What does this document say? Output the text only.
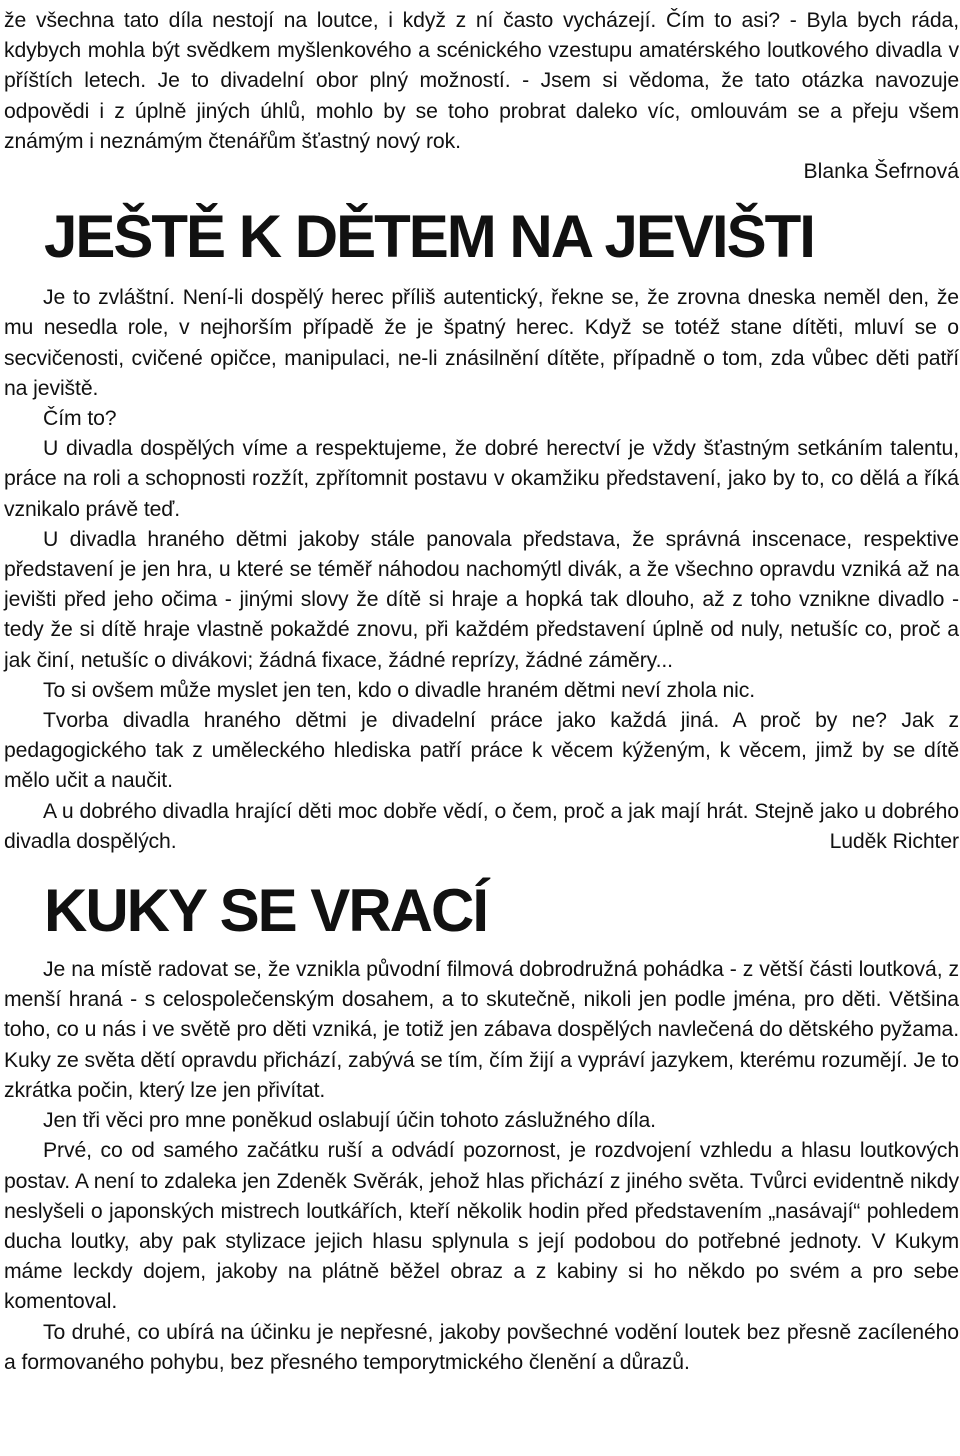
že všechna tato díla nestojí na loutce, i když z ní často vycházejí. Čím to asi? - Byla bych ráda, kdybych mohla být svědkem myšlenkového a scénického vzestupu amatérského loutkového divadla v příštích letech. Je to divadelní obor plný možností. - Jsem si vědoma, že tato otázka navozuje odpovědi i z úplně jiných úhlů, mohlo by se toho probrat daleko víc, omlouvám se a přeju všem známým i neznámým čtenářům šťastný nový rok.

Blanka Šefrnová

JEŠTĚ K DĚTEM NA JEVIŠTI

Je to zvláštní. Není-li dospělý herec příliš autentický, řekne se, že zrovna dneska neměl den, že mu nesedla role, v nejhorším případě že je špatný herec. Když se totéž stane dítěti, mluví se o secvičenosti, cvičené opičce, manipulaci, ne-li znásilnění dítěte, případně o tom, zda vůbec děti patří na jeviště.

Čím to?

U divadla dospělých víme a respektujeme, že dobré herectví je vždy šťastným setkáním talentu, práce na roli a schopnosti rozžít, zpřítomnit postavu v okamžiku představení, jako by to, co dělá a říká vznikalo právě teď.

U divadla hraného dětmi jakoby stále panovala představa, že správná inscenace, respektive představení je jen hra, u které se téměř náhodou nachomýtl divák, a že všechno opravdu vzniká až na jevišti před jeho očima - jinými slovy že dítě si hraje a hopká tak dlouho, až z toho vznikne divadlo - tedy že si dítě hraje vlastně pokaždé znovu, při každém představení úplně od nuly, netušíc co, proč a jak činí, netušíc o divákovi; žádná fixace, žádné reprízy, žádné záměry...

To si ovšem může myslet jen ten, kdo o divadle hraném dětmi neví zhola nic.

Tvorba divadla hraného dětmi je divadelní práce jako každá jiná. A proč by ne? Jak z pedagogického tak z uměleckého hlediska patří práce k věcem kýženým, k věcem, jimž by se dítě mělo učit a naučit.

A u dobrého divadla hrající děti moc dobře vědí, o čem, proč a jak mají hrát. Stejně jako u dobrého divadla dospělých.	Luděk Richter

KUKY SE VRACÍ

Je na místě radovat se, že vznikla původní filmová dobrodružná pohádka - z větší části loutková, z menší hraná - s celospolečenským dosahem, a to skutečně, nikoli jen podle jména, pro děti. Většina toho, co u nás i ve světě pro děti vzniká, je totiž jen zábava dospělých navlečená do dětského pyžama. Kuky ze světa dětí opravdu přichází, zabývá se tím, čím žijí a vypráví jazykem, kterému rozumějí. Je to zkrátka počin, který lze jen přivítat.

Jen tři věci pro mne poněkud oslabují účin tohoto záslužného díla.

Prvé, co od samého začátku ruší a odvádí pozornost, je rozdvojení vzhledu a hlasu loutkových postav. A není to zdaleka jen Zdeněk Svěrák, jehož hlas přichází z jiného světa. Tvůrci evidentně nikdy neslyšeli o japonských mistrech loutkářích, kteří několik hodin před představením „nasávají“ pohledem ducha loutky, aby pak stylizace jejich hlasu splynula s její podobou do potřebné jednoty. V Kukym máme leckdy dojem, jakoby na plátně běžel obraz a z kabiny si ho někdo po svém a pro sebe komentoval.

To druhé, co ubírá na účinku je nepřesné, jakoby povšechné vodění loutek bez přesně zacíleného a formovaného pohybu, bez přesného temporytmického členění a důrazů.
